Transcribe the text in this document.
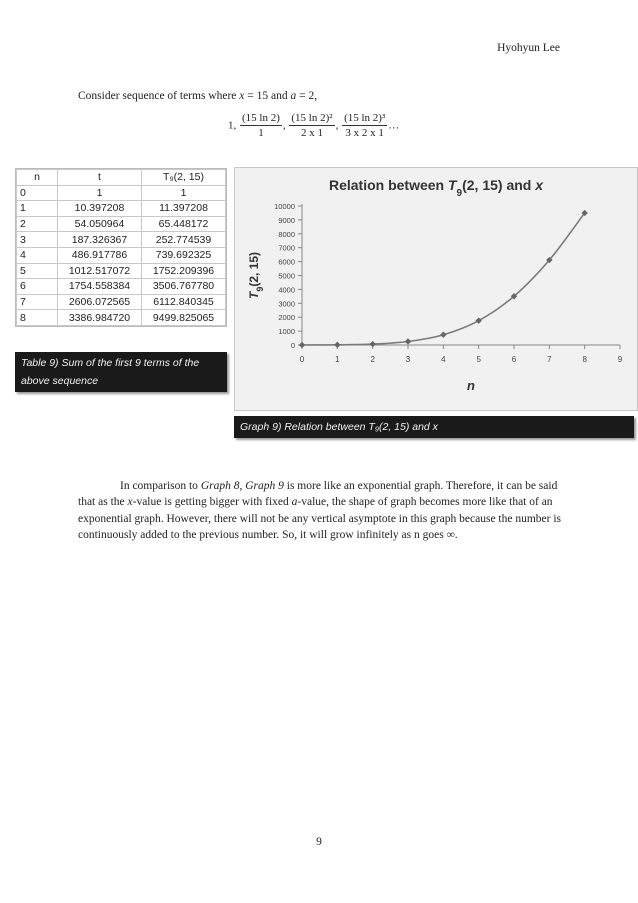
Hyohyun Lee
Consider sequence of terms where x = 15 and a = 2,
1, $\frac{(15 \ln 2)}{1}$ , $\frac{\text{(15 ln 2)²}}{2 x 1}$ , $\frac{\text{(15 ln 2)³}}{3 x 2 x 1}$ …
n	t	T₉(2, 15)
0	1	1
1	10.397208	11.397208
2	54.050964	65.448172
3	187.326367	252.774539
4	486.917786	739.692325
5	1012.517072	1752.209396
6	1754.558384	3506.767780
7	2606.072565	6112.840345
8	3386.984720	9499.825065
Table 9) Sum of the first 9 terms of the above sequence
Relation between $T_9(2$, 15) and x
0
1000
2000
3000
4000
5000
6000
7000
8000
9000
10000
0	1	2	3	4	5	6	7	8	9
n
$T_9(2$, 15)
Graph 9) Relation between T₉(2, 15) and x

In comparison to Graph 8, Graph 9 is more like an exponential graph. Therefore, it can be said that as the x-value is getting bigger with fixed a-value, the shape of graph becomes more like that of an exponential graph. However, there will not be any vertical asymptote in this graph because the number is continuously added to the previous number. So, it will grow infinitely as n goes ∞.

9
